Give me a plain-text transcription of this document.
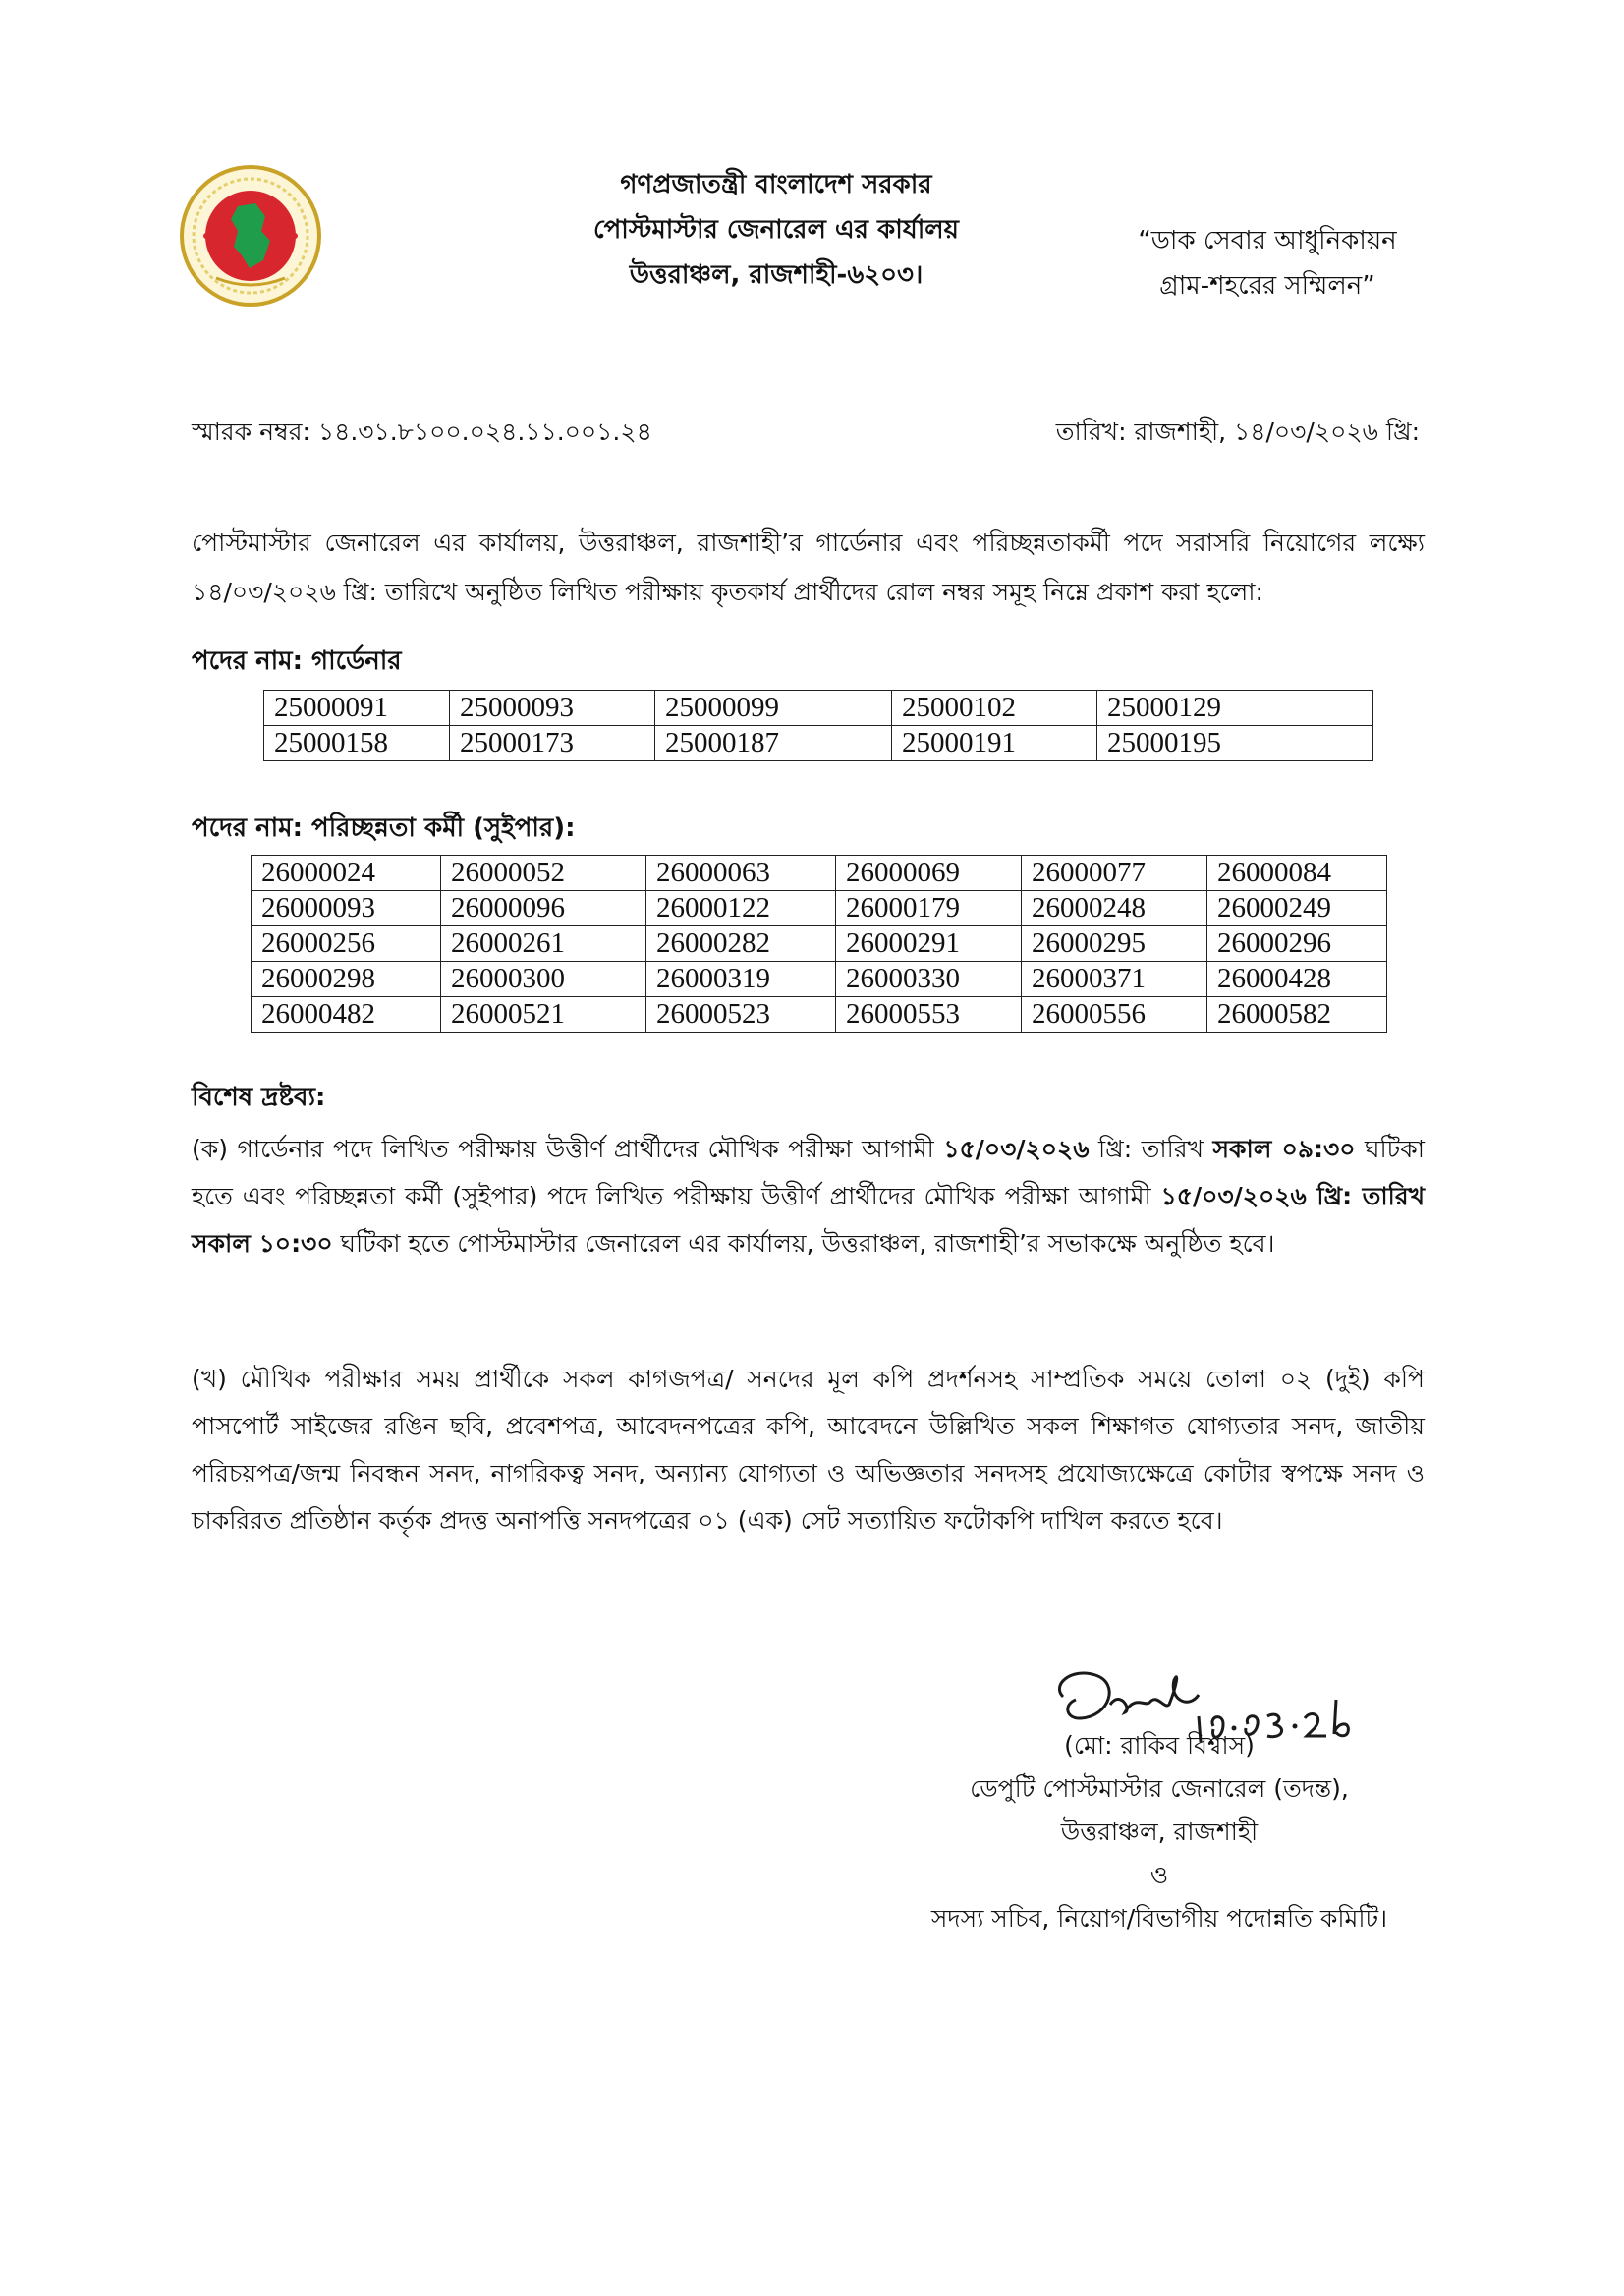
গণপ্রজাতন্ত্রী বাংলাদেশ সরকার
পোস্টমাস্টার জেনারেল এর কার্যালয়
উত্তরাঞ্চল, রাজশাহী-৬২০৩।
“ডাক সেবার আধুনিকায়ন
গ্রাম-শহরের সম্মিলন”
স্মারক নম্বর: ১৪.৩১.৮১০০.০২৪.১১.০০১.২৪	তারিখ: রাজশাহী, ১৪/০৩/২০২৬ খ্রি:
পোস্টমাস্টার জেনারেল এর কার্যালয়, উত্তরাঞ্চল, রাজশাহী’র গার্ডেনার এবং পরিচ্ছন্নতাকর্মী পদে সরাসরি নিয়োগের লক্ষ্যে ১৪/০৩/২০২৬ খ্রি: তারিখে অনুষ্ঠিত লিখিত পরীক্ষায় কৃতকার্য প্রার্থীদের রোল নম্বর সমূহ নিম্নে প্রকাশ করা হলো:
পদের নাম: গার্ডেনার
25000091	25000093	25000099	25000102	25000129
25000158	25000173	25000187	25000191	25000195
পদের নাম: পরিচ্ছন্নতা কর্মী (সুইপার):
26000024	26000052	26000063	26000069	26000077	26000084
26000093	26000096	26000122	26000179	26000248	26000249
26000256	26000261	26000282	26000291	26000295	26000296
26000298	26000300	26000319	26000330	26000371	26000428
26000482	26000521	26000523	26000553	26000556	26000582
বিশেষ দ্রষ্টব্য:
(ক) গার্ডেনার পদে লিখিত পরীক্ষায় উত্তীর্ণ প্রার্থীদের মৌখিক পরীক্ষা আগামী ১৫/০৩/২০২৬ খ্রি: তারিখ সকাল ০৯:৩০ ঘটিকা হতে এবং পরিচ্ছন্নতা কর্মী (সুইপার) পদে লিখিত পরীক্ষায় উত্তীর্ণ প্রার্থীদের মৌখিক পরীক্ষা আগামী ১৫/০৩/২০২৬ খ্রি: তারিখ সকাল ১০:৩০ ঘটিকা হতে পোস্টমাস্টার জেনারেল এর কার্যালয়, উত্তরাঞ্চল, রাজশাহী’র সভাকক্ষে অনুষ্ঠিত হবে।
(খ) মৌখিক পরীক্ষার সময় প্রার্থীকে সকল কাগজপত্র/ সনদের মূল কপি প্রদর্শনসহ সাম্প্রতিক সময়ে তোলা ০২ (দুই) কপি পাসপোর্ট সাইজের রঙিন ছবি, প্রবেশপত্র, আবেদনপত্রের কপি, আবেদনে উল্লিখিত সকল শিক্ষাগত যোগ্যতার সনদ, জাতীয় পরিচয়পত্র/জন্ম নিবন্ধন সনদ, নাগরিকত্ব সনদ, অন্যান্য যোগ্যতা ও অভিজ্ঞতার সনদসহ প্রযোজ্যক্ষেত্রে কোটার স্বপক্ষে সনদ ও চাকরিরত প্রতিষ্ঠান কর্তৃক প্রদত্ত অনাপত্তি সনদপত্রের ০১ (এক) সেট সত্যায়িত ফটোকপি দাখিল করতে হবে।
(মো: রাকিব বিশ্বাস)
ডেপুটি পোস্টমাস্টার জেনারেল (তদন্ত),
উত্তরাঞ্চল, রাজশাহী
ও
সদস্য সচিব, নিয়োগ/বিভাগীয় পদোন্নতি কমিটি।
